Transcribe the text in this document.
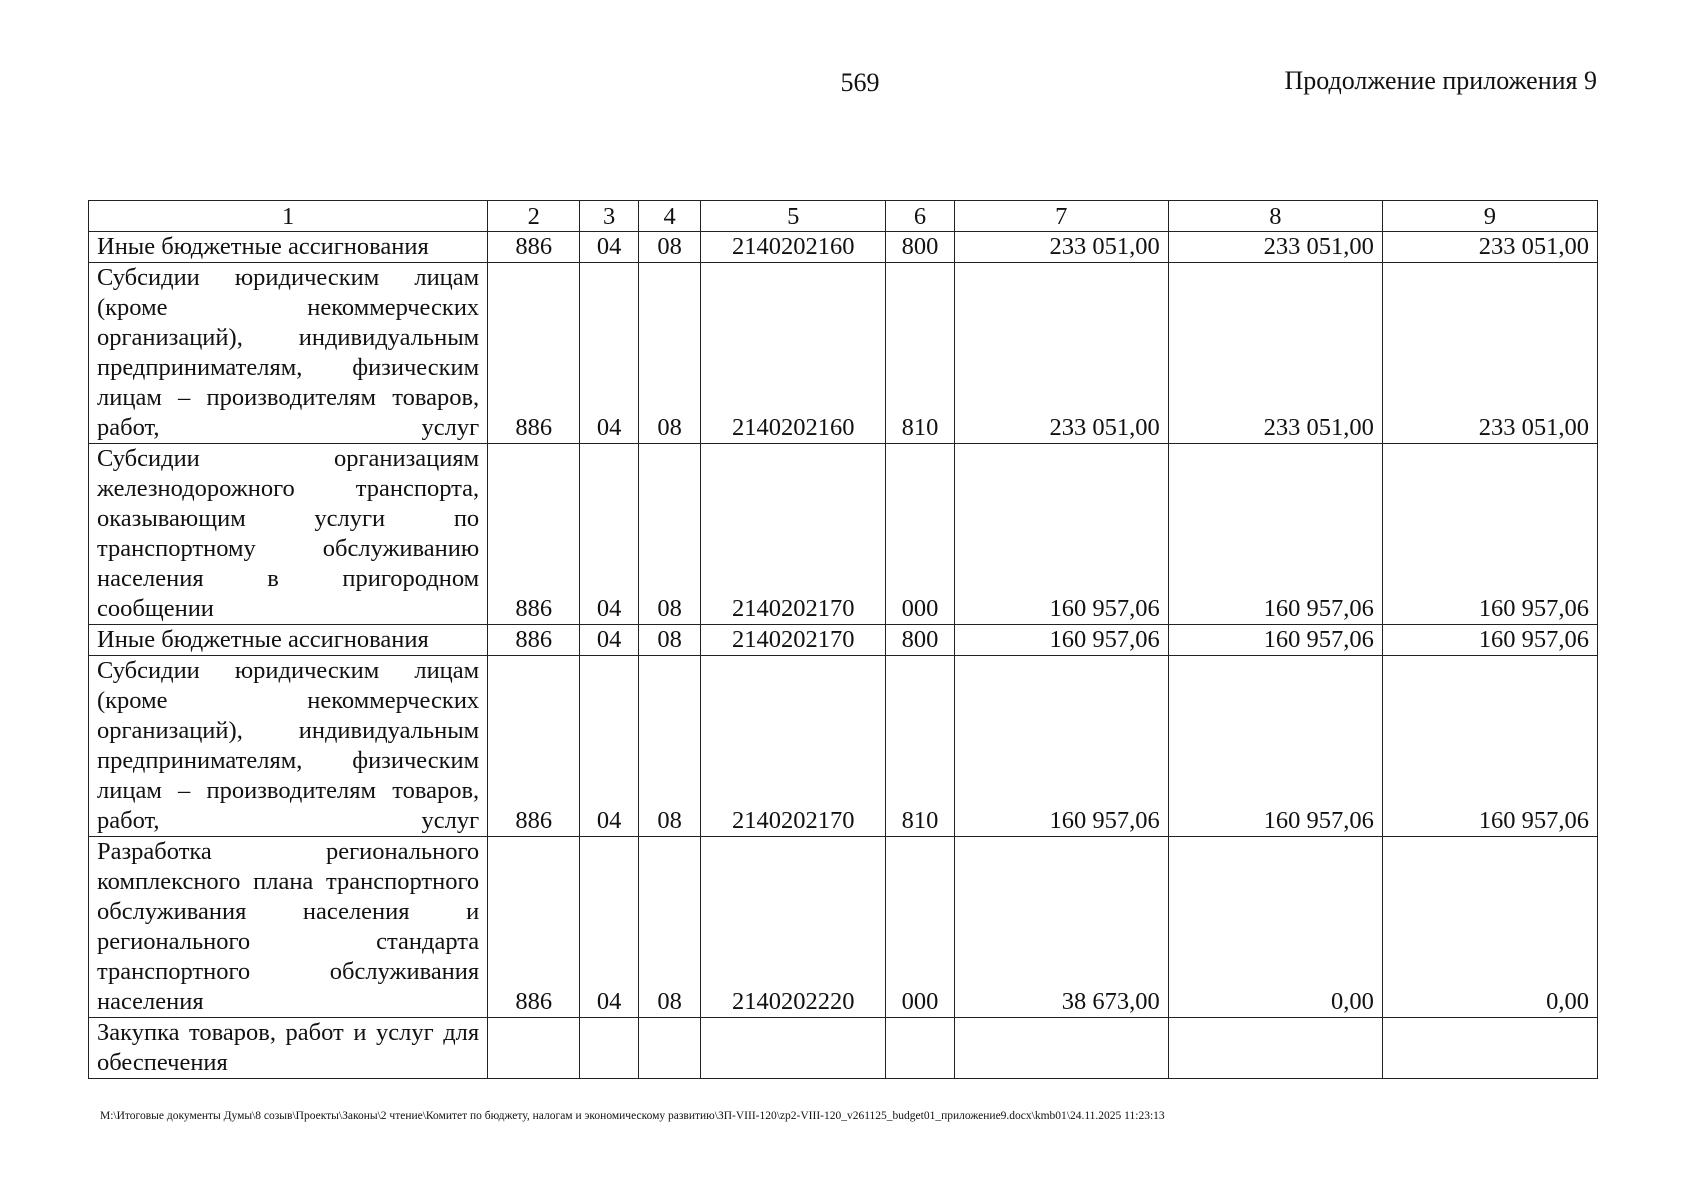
569	Продолжение приложения 9
1	2	3	4	5	6	7	8	9
Иные бюджетные ассигнования	886	04	08	2140202160	800	233 051,00	233 051,00	233 051,00
Субсидии юридическим лицам (кроме некоммерческих организаций), индивидуальным предпринимателям, физическим лицам – производителям товаров, работ, услуг	886	04	08	2140202160	810	233 051,00	233 051,00	233 051,00
Субсидии организациям железнодорожного транспорта, оказывающим услуги по транспортному обслуживанию населения в пригородном сообщении	886	04	08	2140202170	000	160 957,06	160 957,06	160 957,06
Иные бюджетные ассигнования	886	04	08	2140202170	800	160 957,06	160 957,06	160 957,06
Субсидии юридическим лицам (кроме некоммерческих организаций), индивидуальным предпринимателям, физическим лицам – производителям товаров, работ, услуг	886	04	08	2140202170	810	160 957,06	160 957,06	160 957,06
Разработка регионального комплексного плана транспортного обслуживания населения и регионального стандарта транспортного обслуживания населения	886	04	08	2140202220	000	38 673,00	0,00	0,00
Закупка товаров, работ и услуг для обеспечения								
M:\Итоговые документы Думы\8 созыв\Проекты\Законы\2 чтение\Комитет по бюджету, налогам и экономическому развитию\ЗП-VIII-120\zp2-VIII-120_v261125_budget01_приложение9.docx\kmb01\24.11.2025 11:23:13
